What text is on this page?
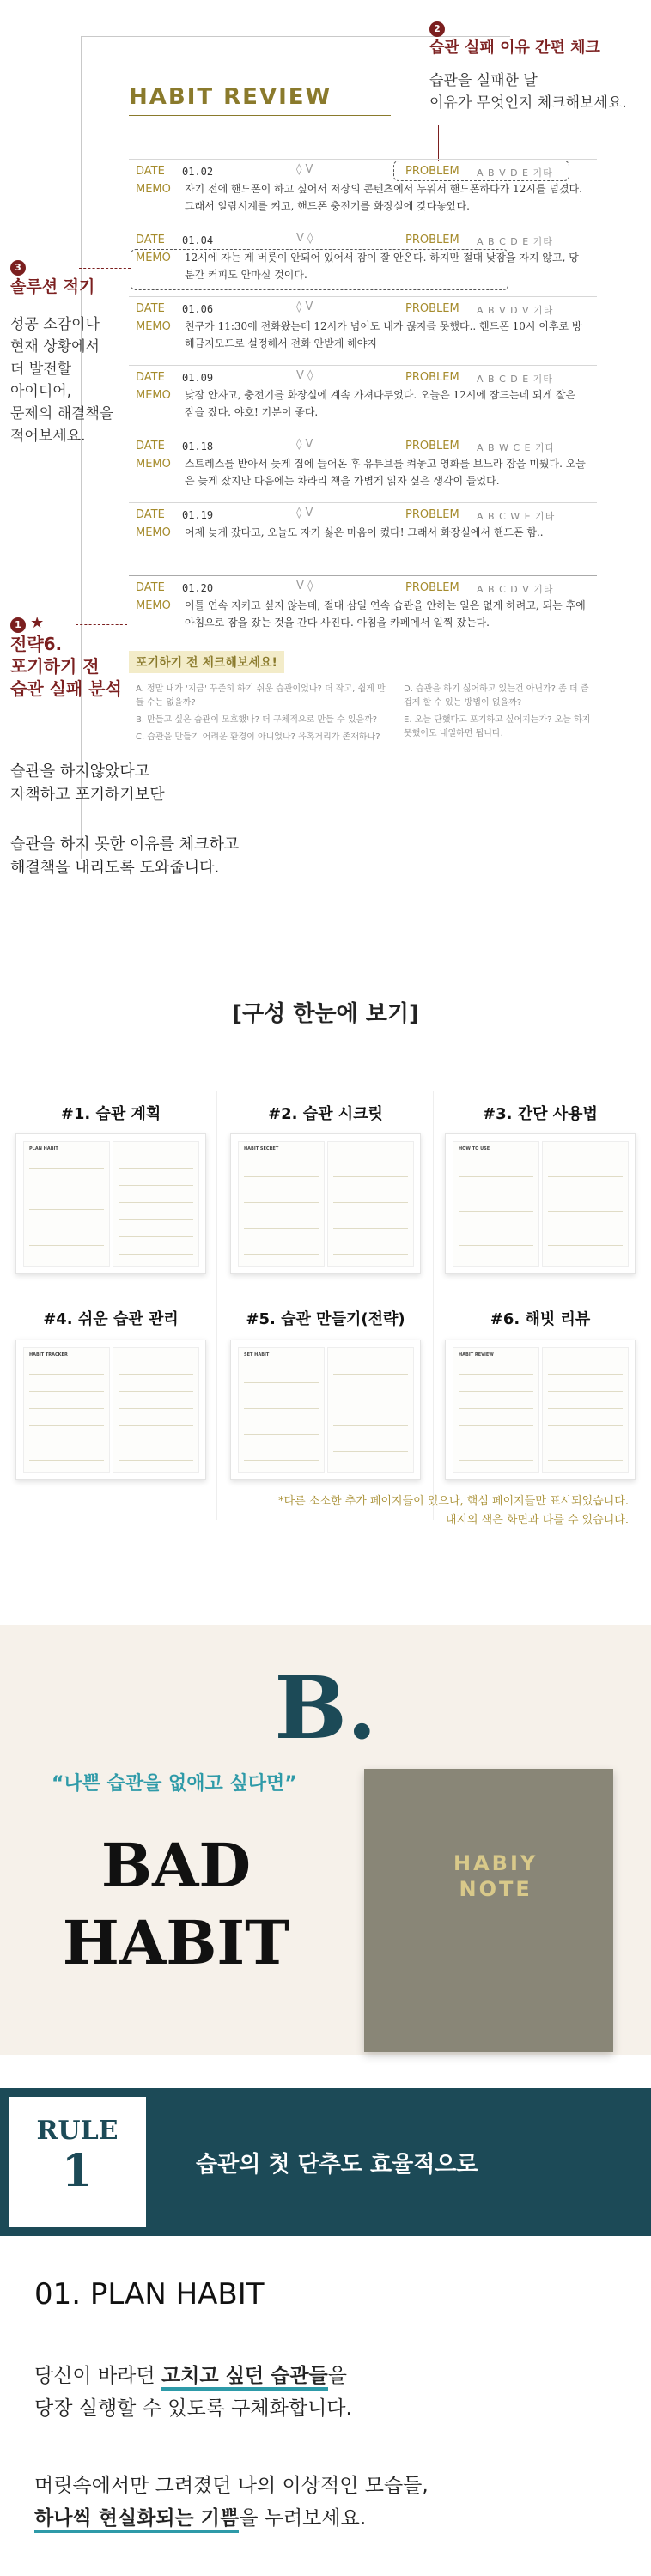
HABIT REVIEW
2
습관 실패 이유 간편 체크
습관을 실패한 날
이유가 무엇인지 체크해보세요.
3
솔루션 적기
성공 소감이나
현재 상황에서
더 발전할
아이디어,
문제의 해결책을
적어보세요.
1 ★
전략6.
포기하기 전
습관 실패 분석
DATE 01.02	◊ V	PROBLEM A B V D E 기타
MEMO 자기 전에 핸드폰이 하고 싶어서 저장의 콘텐츠에서 누워서 핸드폰하다가 12시를 넘겼다. 그래서 알람시계를 켜고, 핸드폰 충전기를 화장실에 갖다놓았다.
DATE 01.04	V ◊	PROBLEM A B C D E 기타
MEMO 12시에 자는 게 버릇이 안되어 있어서 잠이 잘 안온다. 하지만 절대 낮잠을 자지 않고, 당분간 커피도 안마실 것이다.
DATE 01.06	◊ V	PROBLEM A B V D V 기타
MEMO 친구가 11:30에 전화왔는데 12시가 넘어도 내가 끊지를 못했다.. 핸드폰 10시 이후로 방해금지모드로 설정해서 전화 안받게 해야지
DATE 01.09	V ◊	PROBLEM A B C D E 기타
MEMO 낮잠 안자고, 충전기를 화장실에 계속 가져다두었다. 오늘은 12시에 잠드는데 되게 잘은 잠을 잤다. 야호! 기분이 좋다.
DATE 01.18	◊ V	PROBLEM A B W C E 기타
MEMO 스트레스를 받아서 늦게 집에 들어온 후 유튜브를 켜놓고 영화를 보느라 잠을 미뤘다. 오늘은 늦게 잤지만 다음에는 차라리 책을 가볍게 읽자 싶은 생각이 들었다.
DATE 01.19	◊ V	PROBLEM A B C W E 기타
MEMO 어제 늦게 잤다고, 오늘도 자기 싫은 마음이 컸다! 그래서 화장실에서 핸드폰 함..
DATE 01.20	V ◊	PROBLEM A B C D V 기타
MEMO 이틀 연속 지키고 싶지 않는데, 절대 삼일 연속 습관을 안하는 일은 없게 하려고, 되는 후에 아침으로 잠을 잤는 것을 간다 사진다. 아침을 카페에서 일찍 잤는다.
포기하기 전 체크해보세요!
A. 정말 내가 '지금' 꾸준히 하기 쉬운 습관이었나? 더 작고, 쉽게 만들 수는 없을까?
B. 만들고 싶은 습관이 모호했나? 더 구체적으로 만들 수 있을까?
C. 습관을 만들기 어려운 환경이 아니었나? 유혹거리가 존재하나?
D. 습관을 하기 싫어하고 있는건 아닌가? 좀 더 즐겁게 할 수 있는 방법이 없을까?
E. 오늘 단했다고 포기하고 싶어지는가? 오늘 하지 못했어도 내일하면 됩니다.
습관을 하지않았다고
자책하고 포기하기보단
습관을 하지 못한 이유를 체크하고
해결책을 내리도록 도와줍니다.
[구성 한눈에 보기]
#1. 습관 계획	#2. 습관 시크릿	#3. 간단 사용법
PLAN HABIT	HABIT SECRET	HOW TO USE
#4. 쉬운 습관 관리	#5. 습관 만들기(전략)	#6. 해빗 리뷰
HABIT TRACKER	SET HABIT	HABIT REVIEW
*다른 소소한 추가 페이지들이 있으나, 핵심 페이지들만 표시되었습니다.
내지의 색은 화면과 다를 수 있습니다.
B.
“나쁜 습관을 없애고 싶다면”
BAD
HABIT
HABIY
NOTE
RULE
1	습관의 첫 단추도 효율적으로
01. PLAN HABIT
당신이 바라던 고치고 싶던 습관들을
당장 실행할 수 있도록 구체화합니다.
머릿속에서만 그려졌던 나의 이상적인 모습들,
하나씩 현실화되는 기쁨을 누려보세요.
